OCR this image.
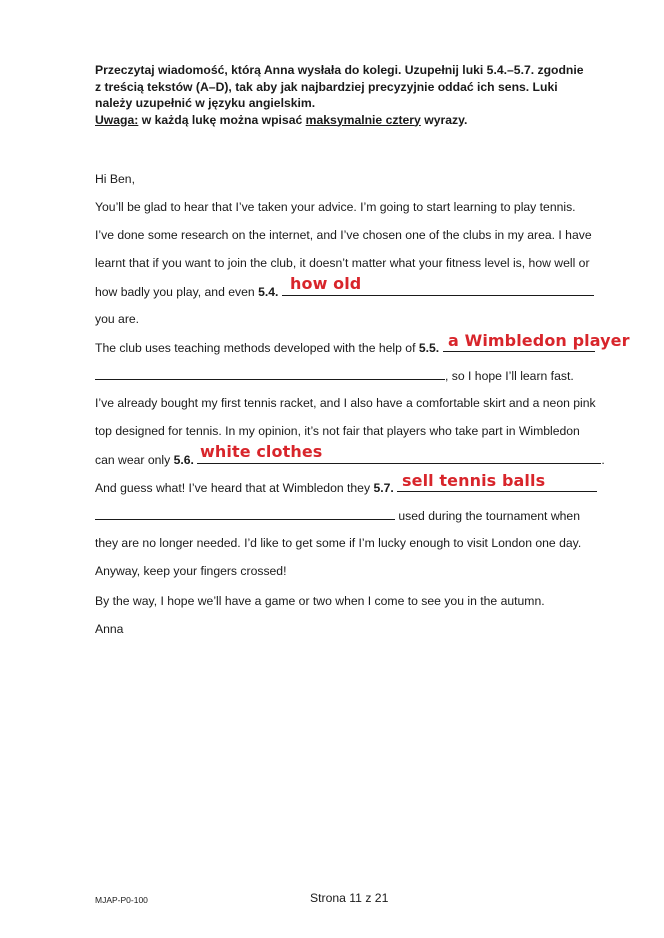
Przeczytaj wiadomość, którą Anna wysłała do kolegi. Uzupełnij luki 5.4.–5.7. zgodnie
z treścią tekstów (A–D), tak aby jak najbardziej precyzyjnie oddać ich sens. Luki
należy uzupełnić w języku angielskim.
Uwaga: w każdą lukę można wpisać maksymalnie cztery wyrazy.
Hi Ben,
You’ll be glad to hear that I’ve taken your advice. I’m going to start learning to play tennis.
I’ve done some research on the internet, and I’ve chosen one of the clubs in my area. I have
learnt that if you want to join the club, it doesn’t matter what your fitness level is, how well or
how badly you play, and even 5.4. how old
you are.
The club uses teaching methods developed with the help of 5.5. a Wimbledon player
, so I hope I’ll learn fast.
I’ve already bought my first tennis racket, and I also have a comfortable skirt and a neon pink
top designed for tennis. In my opinion, it’s not fair that players who take part in Wimbledon
can wear only 5.6.	.
white clothes
And guess what! I’ve heard that at Wimbledon they 5.7. sell tennis balls
used during the tournament when
they are no longer needed. I’d like to get some if I’m lucky enough to visit London one day.
Anyway, keep your fingers crossed!
By the way, I hope we’ll have a game or two when I come to see you in the autumn.
Anna
MJAP-P0-100	Strona 11 z 21
